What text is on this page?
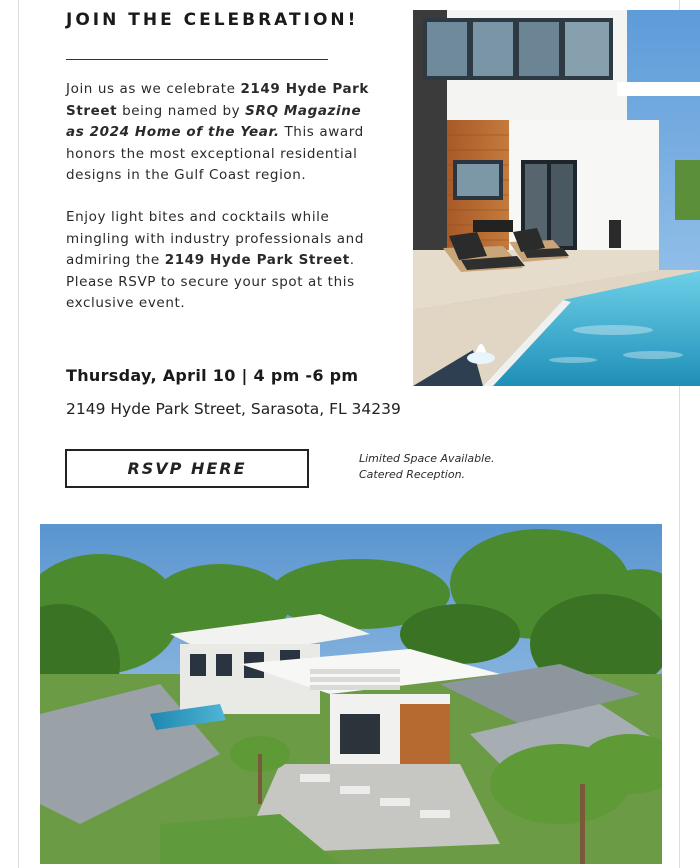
JOIN THE CELEBRATION!

Join us as we celebrate 2149 Hyde Park Street being named by SRQ Magazine as 2024 Home of the Year. This award honors the most exceptional residential designs in the Gulf Coast region.

Enjoy light bites and cocktails while mingling with industry professionals and admiring the 2149 Hyde Park Street. Please RSVP to secure your spot at this exclusive event.

Thursday, April 10 | 4 pm -6 pm

2149 Hyde Park Street, Sarasota, FL 34239

RSVP HERE

Limited Space Available.
Catered Reception.
